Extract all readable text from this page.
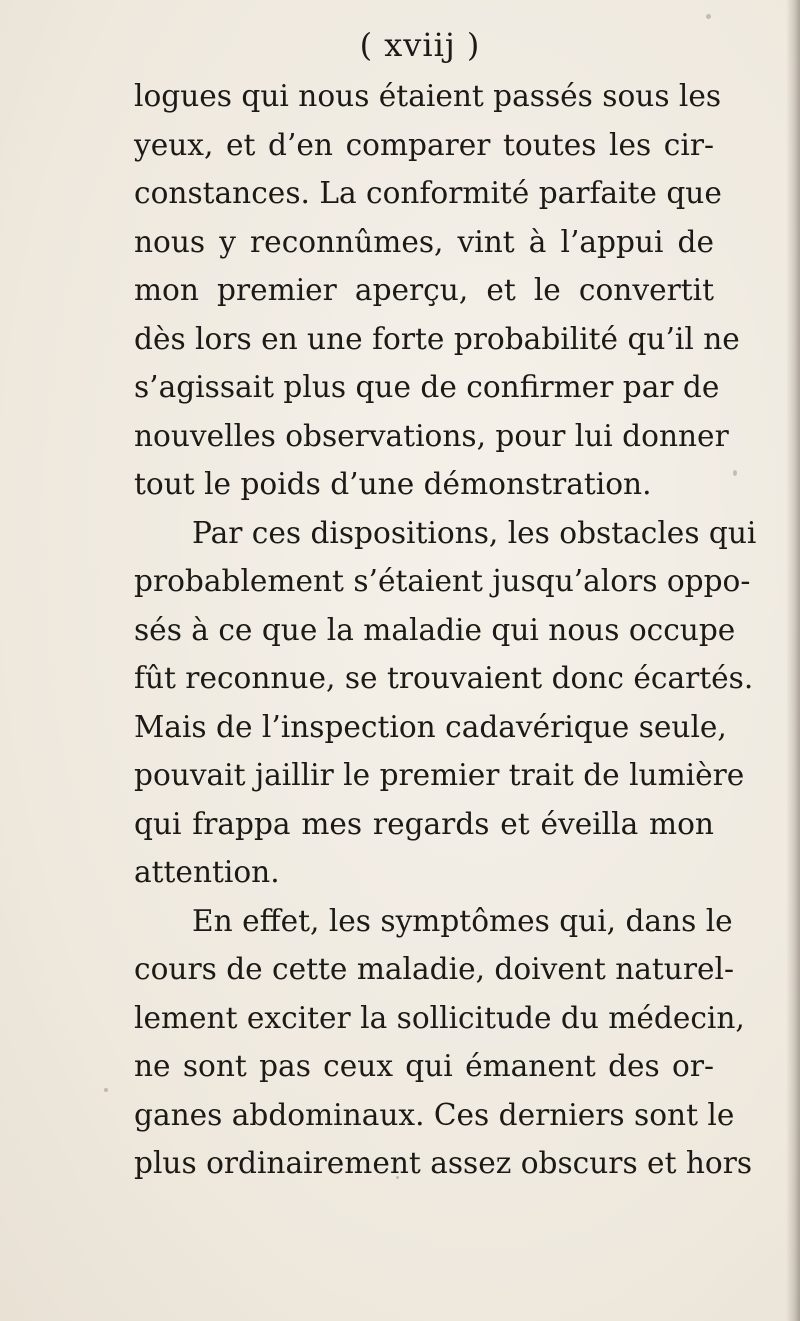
( xviij )
logues qui nous étaient passés sous les
yeux, et d’en comparer toutes les cir-
constances. La conformité parfaite que
nous y reconnûmes, vint à l’appui de
mon premier aperçu, et le convertit
dès lors en une forte probabilité qu’il ne
s’agissait plus que de confirmer par de
nouvelles observations, pour lui donner
tout le poids d’une démonstration.
Par ces dispositions, les obstacles qui
probablement s’étaient jusqu’alors oppo-
sés à ce que la maladie qui nous occupe
fût reconnue, se trouvaient donc écartés.
Mais de l’inspection cadavérique seule,
pouvait jaillir le premier trait de lumière
qui frappa mes regards et éveilla mon
attention.
En effet, les symptômes qui, dans le
cours de cette maladie, doivent naturel-
lement exciter la sollicitude du médecin,
ne sont pas ceux qui émanent des or-
ganes abdominaux. Ces derniers sont le
plus ordinairement assez obscurs et hors
